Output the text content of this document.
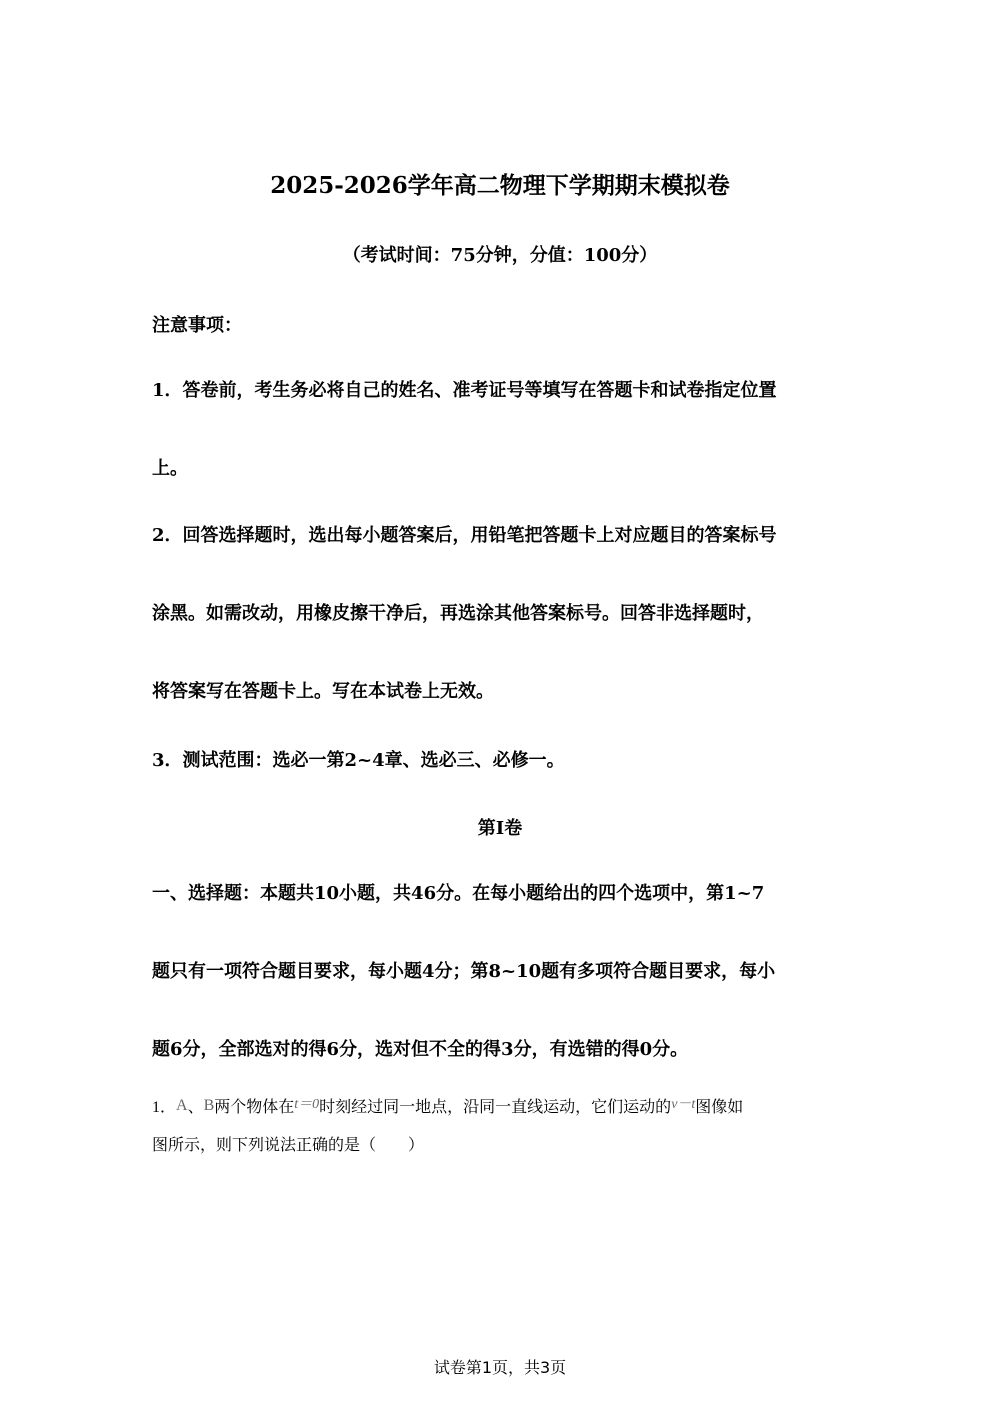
2025-2026学年高二物理下学期期末模拟卷
（考试时间：75分钟，分值：100分）
注意事项：
1．答卷前，考生务必将自己的姓名、准考证号等填写在答题卡和试卷指定位置
上。
2．回答选择题时，选出每小题答案后，用铅笔把答题卡上对应题目的答案标号
涂黑。如需改动，用橡皮擦干净后，再选涂其他答案标号。回答非选择题时，
将答案写在答题卡上。写在本试卷上无效。
3．测试范围：选必一第2~4章、选必三、必修一。
第Ⅰ卷
一、选择题：本题共10小题，共46分。在每小题给出的四个选项中，第1~7
题只有一项符合题目要求，每小题4分；第8~10题有多项符合题目要求，每小
题6分，全部选对的得6分，选对但不全的得3分，有选错的得0分。
1．A、B两个物体在t＝0时刻经过同一地点，沿同一直线运动，它们运动的v－t图像如
图所示，则下列说法正确的是（　　）
试卷第1页，共3页
